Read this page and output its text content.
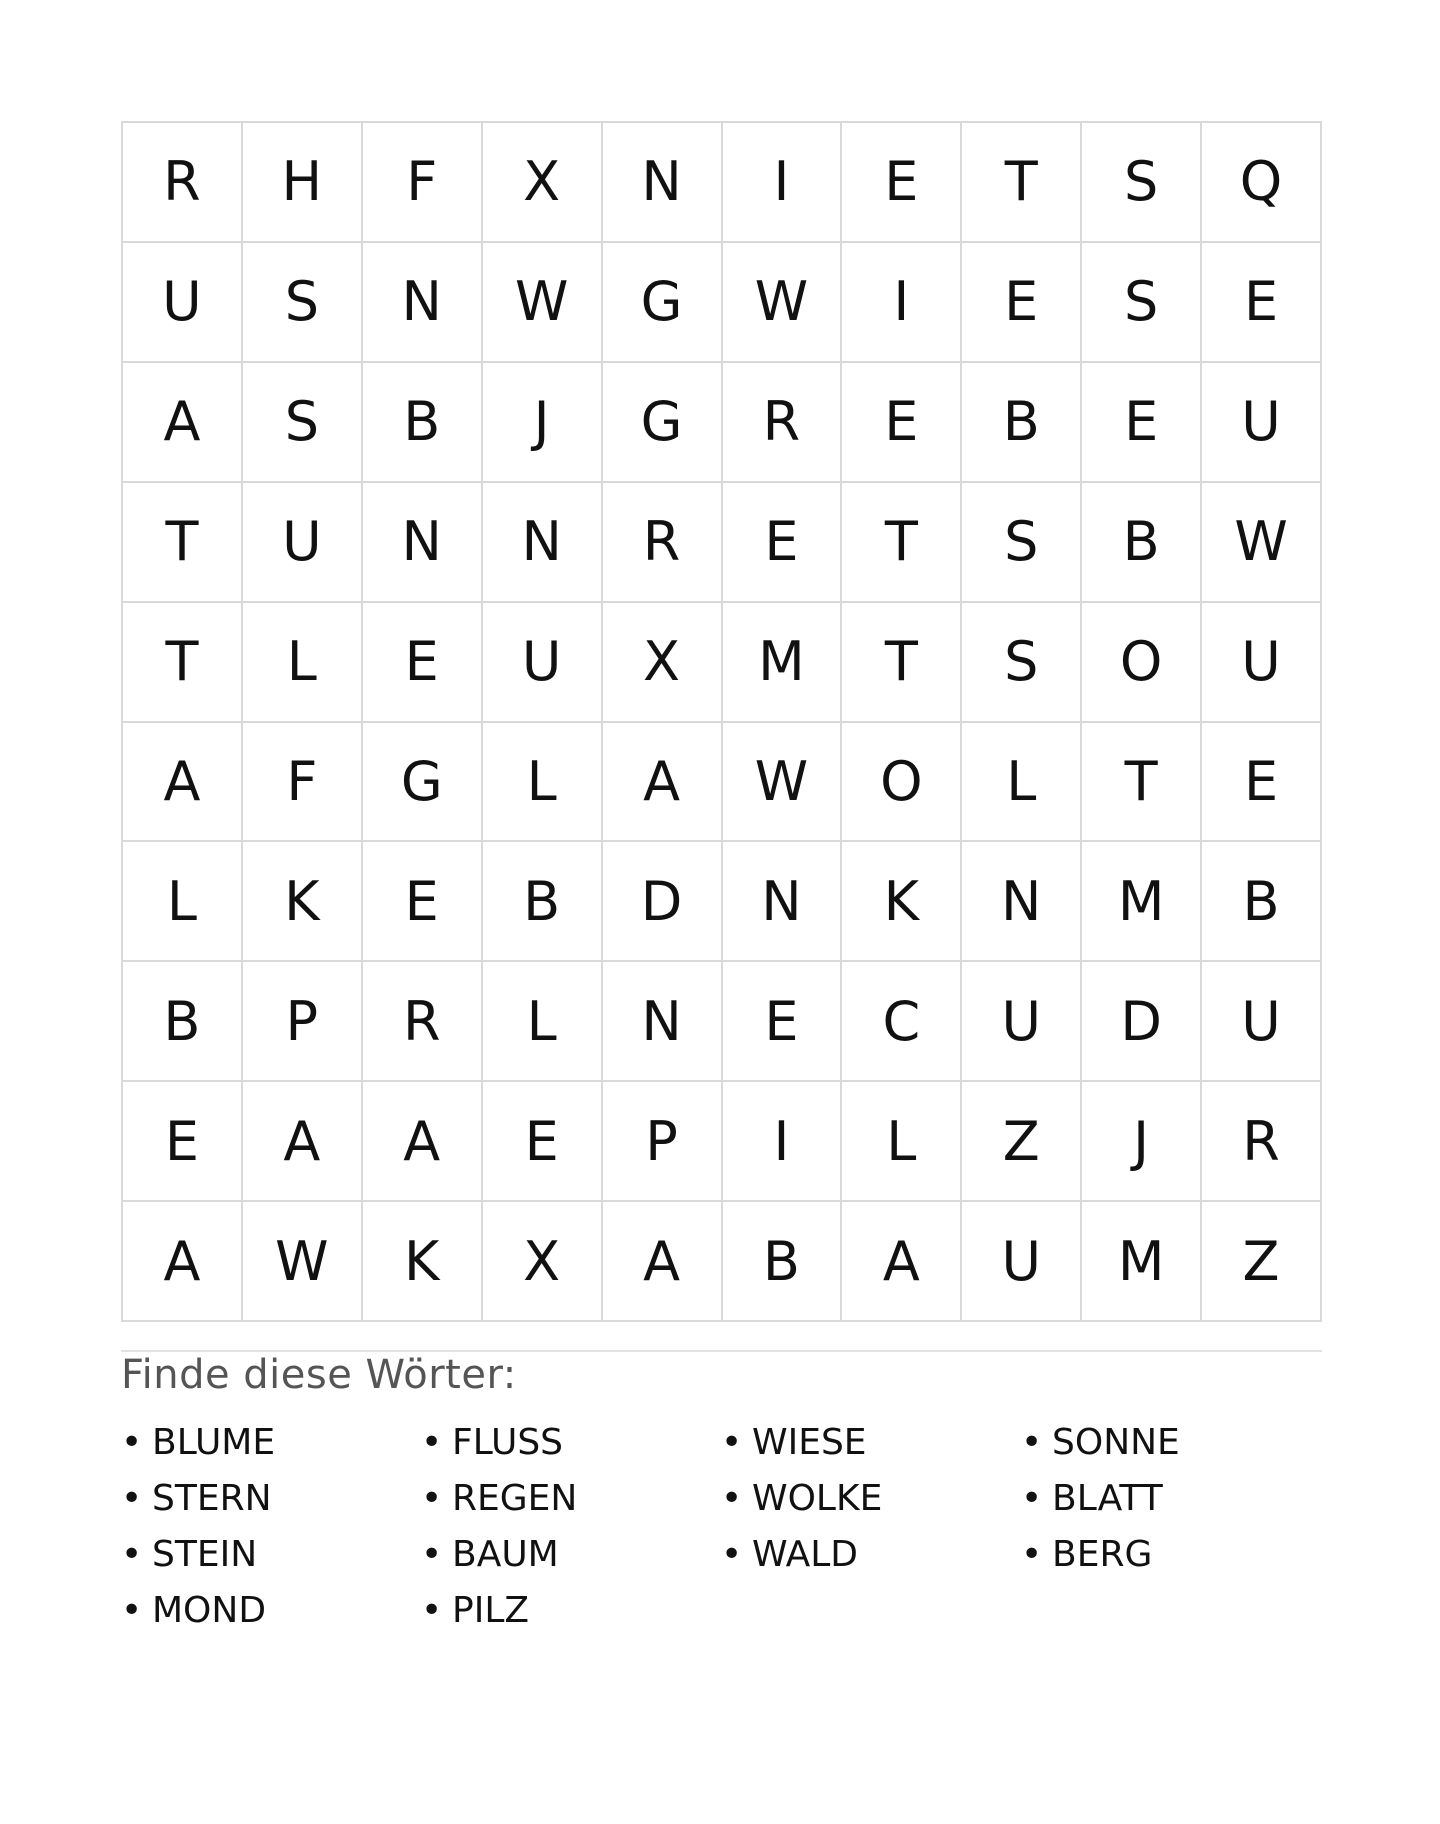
R	H	F	X	N	I	E	T	S	Q
U	S	N	W	G	W	I	E	S	E
A	S	B	J	G	R	E	B	E	U
T	U	N	N	R	E	T	S	B	W
T	L	E	U	X	M	T	S	O	U
A	F	G	L	A	W	O	L	T	E
L	K	E	B	D	N	K	N	M	B
B	P	R	L	N	E	C	U	D	U
E	A	A	E	P	I	L	Z	J	R
A	W	K	X	A	B	A	U	M	Z
Finde diese Wörter:
• BLUME	• FLUSS	• WIESE	• SONNE
• STERN	• REGEN	• WOLKE	• BLATT
• STEIN	• BAUM	• WALD	• BERG
• MOND	• PILZ
